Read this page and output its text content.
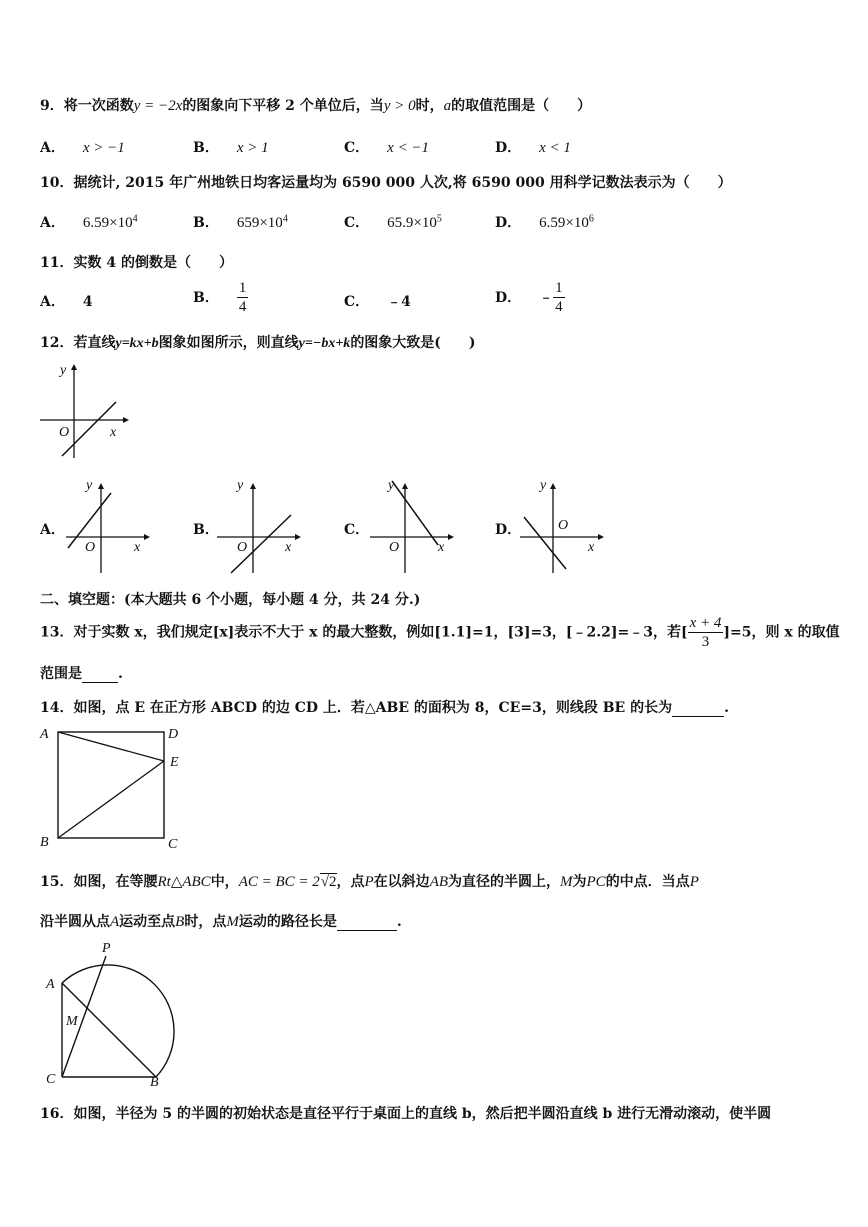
9．将一次函数y = −2x的图象向下平移 2 个单位后，当y > 0时，a的取值范围是（　　）
A． x > −1	B． x > 1	C． x < −1	D． x < 1
10．据统计, 2015 年广州地铁日均客运量均为 6590 000 人次,将 6590 000 用科学记数法表示为（　　）
A． $6.59\times 10^4$	B． $659\times 10^4$	C． $65.9\times 10^5$	D． $6.59\times 10^6$
11．实数 4 的倒数是（　　）
A． 4	B． $\frac{1}{4}$	C． ﹣4	D． ﹣ $\frac{1}{4}$
12．若直线y=kx+b图象如图所示，则直线y=−bx+k的图象大致是(　　)
y
x
O
A．
y
x
O
B．
y
x
O
C．
y
x
O
D．
y
x
O
二、填空题：(本大题共 6 个小题，每小题 4 分，共 24 分.)
13．对于实数 x，我们规定[x]表示不大于 x 的最大整数，例如[1.1]=1，[3]=3，[﹣2.2]=﹣3，若[ $\frac{x + 4}{3} ]=5$，则 x 的取值
范围是	.
14．如图，点 E 在正方形 ABCD 的边 CD 上．若△ABE 的面积为 8，CE=3，则线段 BE 的长为	.
A	D
E
B	C
15．如图，在等腰Rt△ABC中，AC = BC = 2√2，点P在以斜边AB为直径的半圆上，M为PC的中点．当点P
沿半圆从点A运动至点B时，点M运动的路径长是	.
A
P
M
C	B
16．如图，半径为 5 的半圆的初始状态是直径平行于桌面上的直线 b，然后把半圆沿直线 b 进行无滑动滚动，使半圆
